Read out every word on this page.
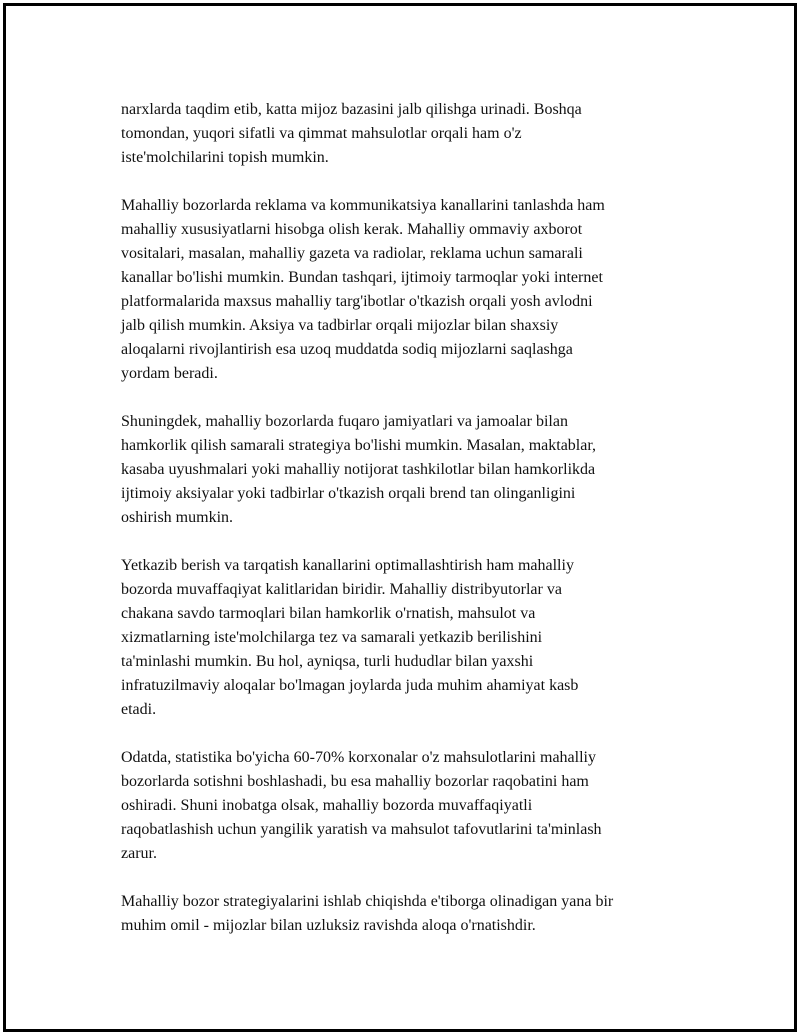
narxlarda taqdim etib, katta mijoz bazasini jalb qilishga urinadi. Boshqa
tomondan, yuqori sifatli va qimmat mahsulotlar orqali ham o'z
iste'molchilarini topish mumkin.

Mahalliy bozorlarda reklama va kommunikatsiya kanallarini tanlashda ham
mahalliy xususiyatlarni hisobga olish kerak. Mahalliy ommaviy axborot
vositalari, masalan, mahalliy gazeta va radiolar, reklama uchun samarali
kanallar bo'lishi mumkin. Bundan tashqari, ijtimoiy tarmoqlar yoki internet
platformalarida maxsus mahalliy targ'ibotlar o'tkazish orqali yosh avlodni
jalb qilish mumkin. Aksiya va tadbirlar orqali mijozlar bilan shaxsiy
aloqalarni rivojlantirish esa uzoq muddatda sodiq mijozlarni saqlashga
yordam beradi.

Shuningdek, mahalliy bozorlarda fuqaro jamiyatlari va jamoalar bilan
hamkorlik qilish samarali strategiya bo'lishi mumkin. Masalan, maktablar,
kasaba uyushmalari yoki mahalliy notijorat tashkilotlar bilan hamkorlikda
ijtimoiy aksiyalar yoki tadbirlar o'tkazish orqali brend tan olinganligini
oshirish mumkin.

Yetkazib berish va tarqatish kanallarini optimallashtirish ham mahalliy
bozorda muvaffaqiyat kalitlaridan biridir. Mahalliy distribyutorlar va
chakana savdo tarmoqlari bilan hamkorlik o'rnatish, mahsulot va
xizmatlarning iste'molchilarga tez va samarali yetkazib berilishini
ta'minlashi mumkin. Bu hol, ayniqsa, turli hududlar bilan yaxshi
infratuzilmaviy aloqalar bo'lmagan joylarda juda muhim ahamiyat kasb
etadi.

Odatda, statistika bo'yicha 60-70% korxonalar o'z mahsulotlarini mahalliy
bozorlarda sotishni boshlashadi, bu esa mahalliy bozorlar raqobatini ham
oshiradi. Shuni inobatga olsak, mahalliy bozorda muvaffaqiyatli
raqobatlashish uchun yangilik yaratish va mahsulot tafovutlarini ta'minlash
zarur.

Mahalliy bozor strategiyalarini ishlab chiqishda e'tiborga olinadigan yana bir
muhim omil - mijozlar bilan uzluksiz ravishda aloqa o'rnatishdir.
